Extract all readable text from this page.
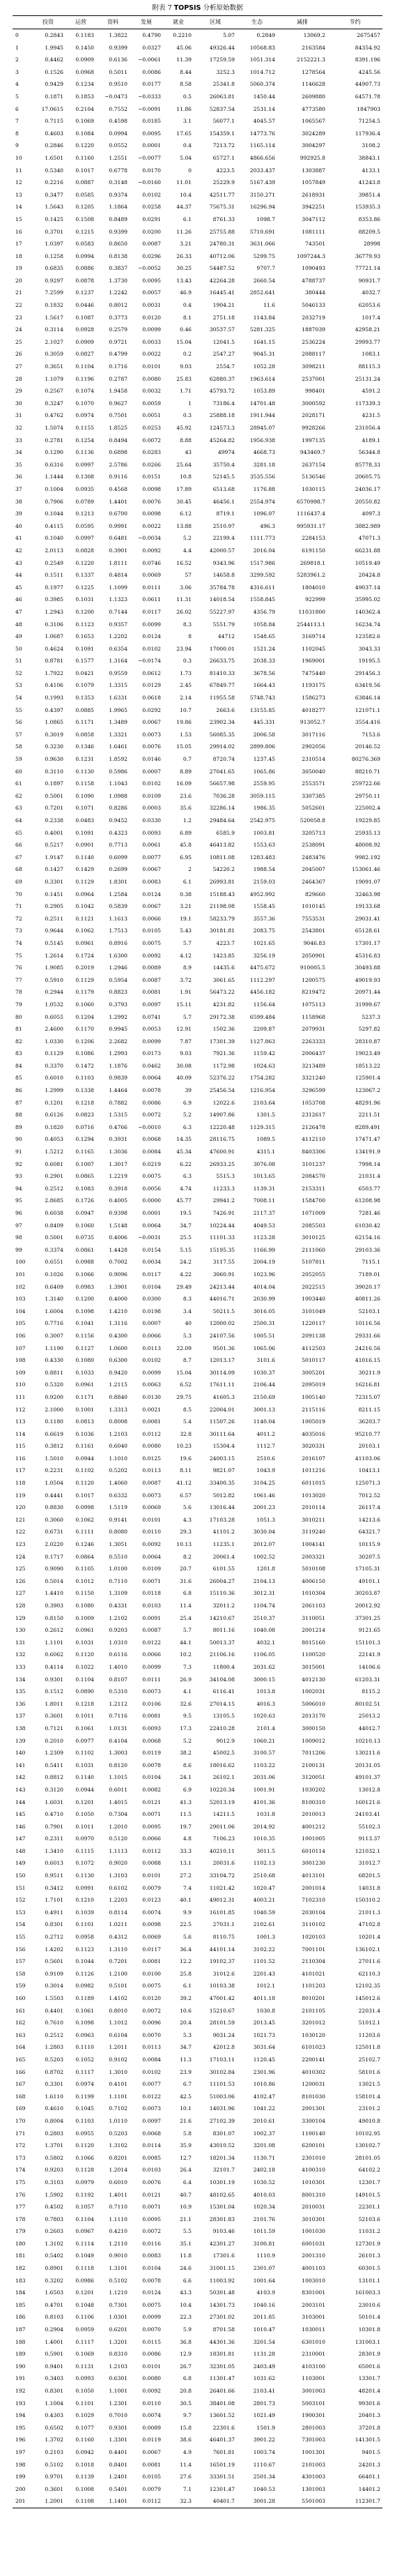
附表 7 TOPSIS 分析原始数据
	投资	运营	资料	发展	就业	区域	生态	减排	节约	
0	0.2843	0.1183	1.3822	0.4790	0.2210	5.07	0.2849	13069.2	2675457	
1	1.9945	0.1450	0.9399	0.0327	45.06	49326.44	10568.83	2163584	84354.92	
2	0.4462	0.0909	0.6136	−0.0061	11.39	17259.59	1051.314	2152221.3	8391.196	
3	0.1526	0.0968	0.5011	0.0086	8.44	3252.3	1014.712	1278564	4245.56	
4	0.9429	0.1234	0.9510	0.0177	8.58	25341.8	5060.374	1146628	44907.73	
5	0.1871	0.1853	−0.0473	−0.0333	0.5	26063.81	1450.44	2609880	64571.78	
6	17.0615	0.2104	0.7552	−0.0091	11.86	52837.54	2531.14	4773580	1847903	
7	0.7115	0.1069	0.4598	0.0185	3.1	56077.1	4045.57	1065567	71254.5	
8	0.4603	0.1084	0.0994	0.0095	17.65	154359.1	14773.76	3024289	117936.4	
9	0.2846	0.1220	0.0552	0.0001	0.4	7213.72	1165.114	3004297	3108.2	
10	1.6501	0.1160	1.2551	−0.0077	5.04	65727.1	4866.656	992925.8	38843.1	
11	0.5340	0.1017	0.6778	0.0170	0	4223.5	2033.437	1303887	4133.1	
12	0.2216	0.0887	0.3148	−0.0160	11.01	25229.9	5167.439	1057849	41243.8	
13	0.3477	0.0585	0.9374	0.0102	10.4	42511.77	3150.271	2618931	39851.4	
14	1.5643	0.1205	1.1864	0.0258	44.37	75675.31	16296.94	3942251	153935.3	
15	0.1425	0.1508	0.8489	0.0291	6.1	8761.33	1098.7	3047112	8353.86	
16	0.3701	0.1215	0.9399	0.0200	11.26	25755.88	5710.691	1081111	88209.5	
17	1.0397	0.0583	0.8650	0.0087	3.21	24780.31	3631.066	743501	28998	
18	0.1258	0.0994	0.8138	0.0296	26.33	40712.06	5299.75	1097244.3	36779.93	
19	0.6835	0.0886	0.3837	−0.0052	30.25	54487.52	9707.7	1090493	77721.14	
20	0.9297	0.0878	1.3730	0.0095	13.43	42264.28	2660.54	4788737	90931.7	
21	7.2599	0.1237	1.2242	0.0057	46.9	16445.41	2852.641	380444	4032.7	
22	0.1832	0.0446	0.8012	0.0031	0.4	1904.21	11.6	5046133	62053.6	
23	1.5617	0.1087	0.3773	0.0120	8.1	2751.18	1143.84	2032719	1017.4	
24	0.3114	0.0928	0.2579	0.0099	0.46	30537.57	5281.325	1887039	42958.21	
25	2.1027	0.0909	0.9721	0.0033	15.04	12041.5	1641.15	2536224	29993.77	
26	0.3059	0.0827	0.4799	0.0022	0.2	2547.27	9045.31	2088117	1083.1	
27	0.3651	0.1104	0.1716	0.0101	9.03	2554.7	1052.28	3098211	88115.3	
28	1.1079	0.1196	0.2787	0.0080	25.83	62880.37	1963.614	2537001	25131.24	
29	0.2567	0.1074	1.9458	0.0032	1.71	45793.72	1053.89	998401	4591.2	
30	0.3247	0.1070	0.9627	0.0059	1	73186.4	14701.48	3000592	117339.3	
31	0.4762	0.0974	0.7501	0.0051	0.3	25888.18	1911.944	2028171	4231.5	
32	1.5074	0.1155	1.8525	0.0253	45.92	124573.3	28945.07	9928266	231056.4	
33	0.2781	0.1254	0.8494	0.0072	8.88	45264.82	1956.938	1997135	4189.1	
34	0.1290	0.1136	0.6898	0.0283	43	49974	4668.73	943469.7	56344.8	
35	0.6316	0.0997	2.5786	0.0266	25.64	35750.4	3281.18	2637154	85778.33	
36	1.1444	0.1308	0.9116	0.0151	10.8	52145.5	3535.556	5136546	20605.75	
37	0.1004	0.0935	0.4568	0.0098	17.89	6513.68	1176.88	1030115	24036.17	
38	0.7906	0.0789	1.4401	0.0076	30.45	46456.1	2554.974	6570998.7	20550.82	
39	0.1044	0.1213	0.6700	0.0098	6.12	8719.1	1096.07	1116437.4	4097.3	
40	0.4115	0.0595	0.9991	0.0022	13.88	2510.97	496.3	995931.17	3882.989	
41	0.1040	0.0997	0.6481	−0.0034	5.2	22199.4	1111.773	2284153	47071.3	
42	2.0113	0.0828	0.3901	0.0092	4.4	42000.57	2016.04	6191150	66231.88	
43	0.2549	0.1220	1.8111	0.0746	16.52	9343.96	1517.986	269818.1	10519.49	
44	0.1511	0.1337	0.4814	0.0069	57	14658.8	3299.592	5283961.2	20424.8	
45	0.1977	0.1225	1.1099	0.0111	3.06	35784.78	4316.611	1804010	49037.14	
46	0.3985	0.1031	1.1323	0.0611	11.31	14018.54	1558.845	922999	35995.02	
47	1.2943	0.1200	0.7144	0.0117	26.02	55227.97	4356.79	11031800	140362.4	
48	0.3106	0.1123	0.9357	0.0099	8.3	5551.79	1058.84	2544113.1	16234.74	
49	1.0687	0.1653	1.2202	0.0124	8	44712	1548.65	3169714	123582.6	
50	0.4624	0.1091	0.6354	0.0102	23.94	17000.01	1521.24	1102045	3043.33	
51	0.8781	0.1577	1.3164	−0.0174	0.3	26633.75	2038.33	1969001	19195.5	
52	1.7922	0.0421	0.9559	0.0612	1.73	81410.33	3678.56	7475440	291456.3	
53	0.4106	0.1079	1.3315	0.0129	2.45	67849.77	1664.43	1193175	63419.56	
54	0.1993	0.1353	1.6331	0.0618	2.14	11955.58	5748.743	1586273	63846.14	
55	0.4397	0.0885	1.9965	0.0292	10.7	2663.6	13155.85	4018277	121071.1	
56	1.0865	0.1171	1.3489	0.0067	19.86	23902.34	445.331	913052.7	3554.416	
57	0.3019	0.0858	1.3321	0.0073	1.53	56085.35	2006.58	3017116	7153.6	
58	0.3230	0.1346	1.6461	0.0076	15.05	29914.02	2899.806	2902056	20146.52	
59	0.9630	0.1231	1.8592	0.0146	0.7	8720.74	1237.45	2310514	80276.369	
60	0.3110	0.1130	0.5986	0.0007	8.89	27041.65	1065.86	3050040	88210.71	
61	0.1897	0.1158	1.1043	0.0102	16.09	56657.98	2559.95	2553571	259722.66	
62	0.5001	0.1090	1.0988	0.0109	23.6	7036.28	3059.115	3307385	29750.11	
63	0.7201	0.1071	0.8286	0.0003	35.6	32286.14	1986.35	5052601	225002.4	
64	0.2338	0.0483	0.9452	0.0330	1.2	29484.64	2542.975	520058.8	19229.85	
65	0.4001	0.1091	0.4323	0.0093	6.89	6585.9	1003.81	3205713	25935.13	
66	0.5217	0.0901	0.7713	0.0061	45.8	46413.82	1553.63	2538091	48008.92	
67	1.9147	0.1140	0.6099	0.0077	6.95	10811.08	1283.483	2483476	9982.192	
68	0.1427	0.1429	0.2699	0.0067	2	54220.2	1988.54	2045007	153061.46	
69	0.3301	0.1129	1.8301	0.0083	6.1	26993.81	2159.03	2464367	19091.07	
70	0.1451	0.0964	1.2584	0.0124	0.38	15188.43	4952.992	829660	32463.98	
71	0.2905	0.1042	0.5839	0.0067	3.21	21198.08	1558.45	1010145	19133.68	
72	0.2511	0.1121	1.1613	0.0066	19.1	58233.79	3557.36	7553531	29031.41	
73	0.9644	0.1062	1.7513	0.0105	5.43	30181.81	2083.75	2543801	65128.61	
74	0.5145	0.0961	0.8916	0.0075	5.7	4223.7	1021.65	9046.83	17301.17	
75	1.2614	0.1724	1.6300	0.0092	4.12	1423.85	3256.19	2050901	45316.83	
76	1.9085	0.2019	1.2946	0.0089	8.9	14435.6	4475.672	910005.5	30493.88	
77	0.5910	0.1129	0.5954	0.0087	3.72	3061.65	1112.297	1200575	49019.93	
78	0.2944	0.1179	0.8823	0.0081	1.91	56473.22	4456.182	8219472	20971.44	
79	1.0532	0.1060	0.3793	0.0097	15.11	4231.82	1156.64	1075113	31999.67	
80	0.6055	0.1204	1.2992	0.0741	5.7	29172.38	6599.484	1158968	5237.3	
81	2.4600	0.1170	0.9945	0.0053	12.91	1502.36	2209.87	2079931	5297.82	
82	1.0330	0.1206	2.2682	0.0099	7.87	17301.39	1127.863	2263333	28310.87	
83	0.1129	0.1086	1.2993	0.0173	9.03	7921.36	1159.42	2006437	19023.49	
84	0.3370	0.1472	1.1876	0.0462	30.08	1172.98	1024.63	3213489	18513.22	
85	0.6010	0.1103	0.9839	0.0064	40.09	52376.22	1754.282	3321240	125901.4	
86	1.2999	0.1338	1.4464	0.0078	39	25456.54	1216.954	3296599	123067.2	
87	0.1201	0.1218	0.7882	0.0086	6.9	12022.6	2103.64	1053708	48291.96	
88	0.6126	0.0823	1.5315	0.0072	5.2	14907.86	1301.5	2312617	2211.51	
89	0.1820	0.0716	0.4766	−0.0010	6.3	12220.48	1129.315	2126478	8289.491	
90	0.4053	0.1294	0.3931	0.0068	14.35	28116.75	1089.5	4112110	17471.47	
91	1.5212	0.1165	1.3036	0.0084	45.34	47600.91	4315.1	8403306	134191.9	
92	0.6081	0.1007	1.3017	0.0219	6.22	26933.25	3076.08	3101237	7998.14	
93	0.2901	0.0865	1.2219	0.0075	6.3	5515.3	1013.65	2084570	21031.4	
94	0.2512	0.1083	0.3918	0.0056	4.74	11233.3	1139.31	2153311	6503.77	
95	2.8685	0.1726	0.4005	0.0000	45.77	29941.2	7008.11	1584700	61208.98	
96	0.6038	0.0947	0.9398	0.0001	19.5	7426.91	2117.37	1071009	7281.46	
97	0.8409	0.1060	1.5148	0.0064	34.7	10224.44	4049.53	2085503	61030.42	
98	0.5001	0.0735	0.4006	−0.0031	25.5	11101.33	1123.28	3010125	62154.16	
99	0.3374	0.0861	1.4428	0.0154	5.15	15195.35	1166.99	2111060	29103.36	
100	0.6551	0.0988	0.7002	0.0034	24.2	3117.55	2004.19	5107811	7115.1	
101	0.1026	0.1066	0.9096	0.0117	4.22	3060.91	1023.96	2052055	7189.01	
102	0.6409	0.0983	1.3901	0.0104	29.49	24213.44	4014.04	2022515	39020.17	
103	1.3140	0.1200	0.4000	0.0300	8.3	44016.71	2030.99	1003440	40811.26	
104	1.6004	0.1098	1.4210	0.0198	3.4	50211.5	3016.05	3101049	52103.1	
105	0.7716	0.1041	1.3116	0.0007	40	12000.02	2500.31	1220117	10116.56	
106	0.3007	0.1156	0.4300	0.0066	5.3	24107.56	1005.51	2091138	29331.66	
107	1.1190	0.1127	1.0600	0.0113	22.09	9501.36	1065.06	4112503	24216.56	
108	0.4330	0.1080	0.6300	0.0102	8.7	12013.17	3101.6	5010117	41016.15	
109	0.8811	0.1033	0.9420	0.0099	15.04	30114.09	1030.37	3005201	30211.9	
110	0.5320	0.0961	1.2115	0.0063	6.52	17611.11	2106.44	2095019	16216.81	
111	0.9200	0.1171	0.8840	0.0130	29.75	41605.3	2150.69	1005140	72315.07	
112	2.1000	0.1001	1.3313	0.0021	8.5	22004.01	3001.13	2115116	8211.15	
113	0.1180	0.0813	0.8008	0.0081	5.4	11507.26	1140.04	1005019	36203.7	
114	0.6619	0.1036	1.2103	0.0112	32.8	30111.64	4011.2	4035016	95210.77	
115	0.3812	0.1161	0.6040	0.0080	10.23	15304.4	1112.7	3020331	20103.1	
116	1.5010	0.0944	1.1010	0.0125	19.6	24003.15	2510.6	2016107	41103.06	
117	0.2231	0.1102	0.5202	0.0113	8.11	9821.07	1043.9	1011216	10413.1	
118	1.0504	0.1120	1.4060	0.0087	41.12	33400.35	3104.25	6011015	125071.3	
119	0.4441	0.1017	0.6332	0.0073	6.57	5012.82	1061.46	1013020	7012.52	
120	0.8830	0.0998	1.5119	0.0069	5.6	13016.44	2001.23	2010114	26117.4	
121	0.3060	0.1062	0.9141	0.0101	4.3	17103.28	1051.3	3010211	14213.6	
122	0.6731	0.1111	0.8080	0.0110	29.3	41101.2	3030.04	3119240	64321.7	
123	2.0220	0.1246	1.3051	0.0092	10.13	11235.1	2012.07	1004141	10115.9	
124	0.1717	0.0864	0.5510	0.0064	8.2	20061.4	1002.52	2003321	30207.5	
125	0.9090	0.1105	1.0100	0.0109	20.7	6101.55	1201.8	5010108	17105.31	
126	0.5014	0.1012	0.7110	0.0071	31.6	26004.27	2104.13	4006150	49101.1	
127	1.4410	0.1150	1.3109	0.0118	6.8	15110.36	3012.31	1010304	30203.87	
128	0.3903	0.1080	0.4331	0.0103	11.4	32011.2	1104.74	2061103	20012.92	
129	0.8150	0.1009	1.2102	0.0091	25.4	14210.67	2510.37	3110051	37301.25	
130	0.2612	0.0961	0.9203	0.0087	5.7	8011.16	1040.08	2001214	9121.65	
131	1.1101	0.1031	1.0310	0.0122	44.1	50013.37	4032.1	8015160	151101.3	
132	0.6062	0.1120	0.6116	0.0066	10.2	21106.16	1106.05	1100520	22141.9	
133	0.4114	0.1022	1.4010	0.0099	7.3	11800.4	2031.62	3015001	14106.6	
134	0.9301	0.1104	0.8107	0.0111	26.9	34104.08	3000.15	4012130	61203.31	
135	0.1512	0.0890	0.5310	0.0073	4.1	6116.41	1013.8	1002031	8115.2	
136	1.8011	0.1218	1.2112	0.0106	32.6	27014.15	4016.3	5006010	80102.51	
137	0.3601	0.1011	0.7116	0.0081	9.5	13105.5	1020.63	2013170	25013.2	
138	0.7121	0.1061	1.0131	0.0093	17.3	22410.28	2101.4	3000150	44012.7	
139	0.2010	0.0977	0.4104	0.0068	5.2	9012.9	1060.21	1009012	10210.13	
140	1.2309	0.1102	1.3003	0.0119	38.2	45002.5	3100.57	7011206	130211.6	
141	0.5411	0.1031	0.8120	0.0078	8.6	18016.62	1103.22	2100131	20131.05	
142	0.8812	0.1140	1.1015	0.0104	24.1	26102.1	2031.06	3120051	49101.37	
143	0.3120	0.0944	0.6011	0.0082	6.9	10220.34	1001.91	1030202	13012.8	
144	1.6031	0.1201	1.4015	0.0121	41.3	52013.19	4101.36	8100310	160121.6	
145	0.4710	0.1050	0.7304	0.0071	11.5	14211.5	1031.8	2010013	24103.41	
146	0.7901	0.1011	1.2010	0.0095	19.7	29011.06	2014.92	4001212	55102.3	
147	0.2311	0.0970	0.5120	0.0066	4.8	7106.23	1010.35	1001005	9113.37	
148	1.3410	0.1115	1.1113	0.0112	33.3	40210.11	3011.5	6010114	121032.1	
149	0.6013	0.1072	0.9020	0.0088	13.1	20031.6	1102.13	3001230	31012.7	
150	0.9511	0.1130	1.3103	0.0101	27.2	33104.72	2510.68	4013101	68201.5	
151	0.3412	0.0991	0.6102	0.0079	7.4	11021.42	1020.47	2001014	14031.8	
152	1.7101	0.1210	1.2203	0.0123	40.1	49012.31	4003.21	7102310	150310.2	
153	0.4911	0.1039	0.8114	0.0074	9.9	16101.85	1040.59	2030104	21011.3	
154	0.8301	0.1101	1.0211	0.0098	22.5	27031.1	2102.61	3110102	47102.8	
155	0.2712	0.0958	0.4312	0.0069	5.6	8110.75	1001.3	1020103	10201.4	
156	1.4202	0.1123	1.3110	0.0117	36.4	44101.14	3102.22	7001101	136102.1	
157	0.5601	0.1044	0.7201	0.0081	12.2	19102.37	1101.52	2110304	27011.6	
158	0.9109	0.1126	1.2100	0.0100	25.8	31012.6	2201.43	4101021	62110.3	
159	0.3014	0.0982	0.5101	0.0075	6.1	10103.38	1012.1	1101203	12102.35	
160	1.5503	0.1189	1.4102	0.0120	39.2	47001.42	4011.18	8010201	145012.6	
161	0.4401	0.1061	0.8010	0.0072	10.6	15210.67	1030.8	2101105	22031.4	
162	0.7610	0.1098	1.1012	0.0096	20.4	28101.59	2013.45	3201012	51012.1	
163	0.2512	0.0963	0.6104	0.0070	5.3	9031.24	1021.73	1030120	11203.6	
164	1.2803	0.1110	1.2011	0.0113	34.7	42012.8	3031.64	6101023	125011.8	
165	0.5203	0.1052	0.9102	0.0084	11.3	17103.11	1120.45	2200141	25102.7	
166	0.8702	0.1117	1.3010	0.0102	23.9	30102.84	2301.96	4010302	58101.6	
167	0.3301	0.0974	0.4101	0.0077	6.7	11101.53	1010.86	1200031	13021.5	
168	1.6110	0.1199	1.1101	0.0122	42.5	51003.06	4102.47	8101030	158101.4	
169	0.4610	0.1045	0.7102	0.0073	10.1	14031.96	1041.22	2001301	23101.2	
170	0.8004	0.1103	1.0110	0.0097	21.6	27102.39	2010.61	3300104	49010.8	
171	0.2803	0.0955	0.5203	0.0068	5.8	8301.07	1002.37	1100140	10102.95	
172	1.3701	0.1120	1.3102	0.0114	35.9	43010.52	3201.08	6200101	130102.7	
173	0.5802	0.1066	0.8201	0.0085	12.7	18201.34	1130.71	2301010	28101.05	
174	0.9203	0.1128	1.2014	0.0103	26.4	32101.7	2402.18	4100310	64102.2	
175	0.3103	0.0979	0.6010	0.0076	6.4	10301.19	1030.52	1010301	12301.7	
176	1.5902	0.1192	1.4011	0.0121	40.7	48102.65	4010.03	8001310	149101.5	
177	0.4502	0.1057	0.7110	0.0071	10.9	15301.04	1020.34	2010031	22301.1	
178	0.7803	0.1104	1.1110	0.0095	21.1	28301.83	2101.76	3010301	52103.6	
179	0.2603	0.0967	0.4210	0.0072	5.5	9103.46	1011.59	1001030	11031.2	
180	1.3102	0.1114	1.2110	0.0116	35.1	42301.27	3100.81	6001031	127301.9	
181	0.5402	0.1049	0.9010	0.0083	11.8	17301.6	1110.9	2001310	26101.3	
182	0.8901	0.1118	1.3101	0.0104	24.6	31001.15	2301.07	4001103	60301.5	
183	0.3202	0.0986	0.5102	0.0078	6.6	11003.92	1001.64	1003010	13101.1	
184	1.6503	0.1201	1.1210	0.0124	43.3	50301.48	4103.9	8301001	161003.3	
185	0.4701	0.1048	0.7301	0.0075	10.4	14301.73	1040.16	2003101	23010.6	
186	0.8103	0.1106	1.0301	0.0099	22.3	27301.02	2011.85	3103001	50101.4	
187	0.2904	0.0959	0.6201	0.0070	5.9	8701.58	1010.47	1030011	10301.8	
188	1.4001	0.1117	1.3201	0.0115	36.8	44301.36	3201.54	6301010	131003.1	
189	0.5901	0.1069	0.8310	0.0086	12.9	18301.81	1131.28	2310001	28301.9	
190	0.9401	0.1131	1.2103	0.0101	26.7	32301.05	2403.49	4103100	65001.6	
191	0.3403	0.0993	0.6301	0.0080	6.8	11301.47	1031.62	1103001	13301.7	
192	0.8301	0.1050	1.1001	0.0092	20.8	26401.66	2103.41	3001003	48201.4	
193	1.1004	0.1101	1.2301	0.0110	30.5	38401.08	2801.73	5003101	99301.6	
194	0.4303	0.1029	0.7010	0.0074	9.7	13601.52	1021.49	1900301	20401.3	
195	0.6502	0.1077	0.9301	0.0089	15.8	22301.6	1501.9	2801003	37201.8	
196	1.3702	0.1160	1.3301	0.0119	38.6	46401.37	3901.22	7301003	141301.5	
197	0.2103	0.0942	0.4401	0.0067	4.9	7601.81	1003.74	1001301	9401.5	
198	0.5102	0.1018	0.8401	0.0081	11.4	16501.19	1110.67	2101003	24201.3	
199	0.9701	0.1139	1.2401	0.0105	27.6	33301.51	2501.34	4301003	66401.1	
200	0.3601	0.1008	0.5401	0.0079	7.1	12301.47	1040.53	1301003	14401.2	
201	1.2001	0.1108	1.1401	0.0112	32.3	40401.7	3001.28	5501003	112301.7	
